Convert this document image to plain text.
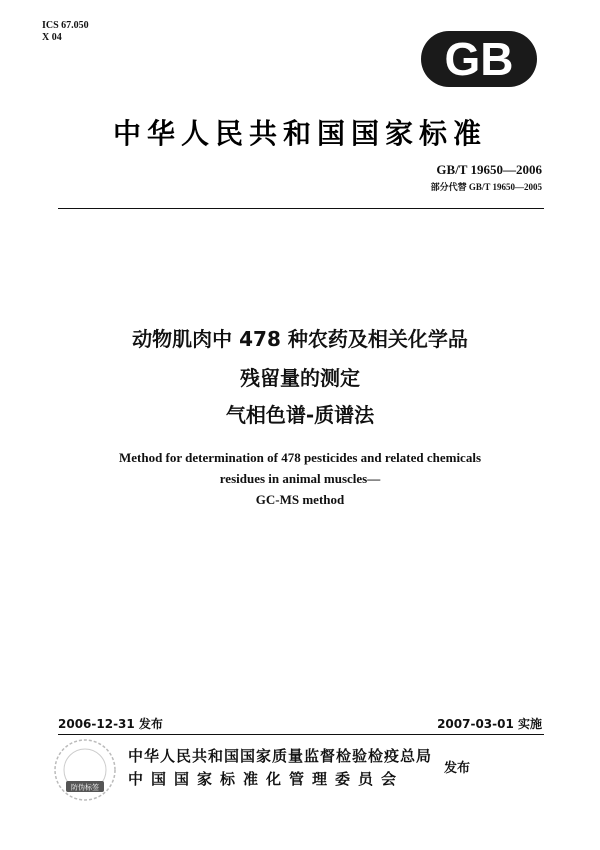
ICS 67.050
X 04	GB
中华人民共和国国家标准
GB/T 19650—2006
部分代替 GB/T 19650—2005
动物肌肉中 478 种农药及相关化学品
残留量的测定
气相色谱-质谱法
Method for determination of 478 pesticides and related chemicals
residues in animal muscles—
GC-MS method
2006-12-31 发布	2007-03-01 实施
防伪标签
中华人民共和国国家质量监督检验检疫总局
中国国家标准化管理委员会
发布
